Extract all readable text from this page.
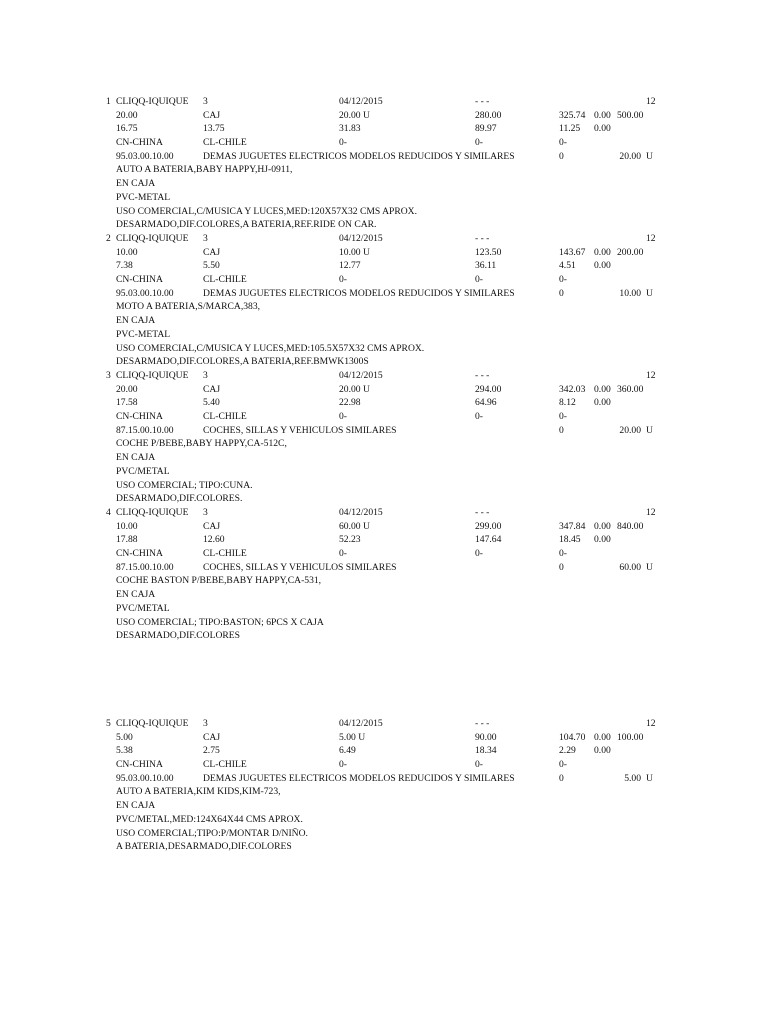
1 CLIQQ-IQUIQUE 3	04/12/2015	- - -	12
20.00	CAJ	20.00 U	280.00	325.74 0.00 500.00
16.75	13.75	31.83	89.97	11.25 0.00
CN-CHINA	CL-CHILE	0-	0-	0-
95.03.00.10.00	DEMAS JUGUETES ELECTRICOS MODELOS REDUCIDOS Y SIMILARES	0	20.00 U
AUTO A BATERIA,BABY HAPPY,HJ-0911,
EN CAJA
PVC-METAL
USO COMERCIAL,C/MUSICA Y LUCES,MED:120X57X32 CMS APROX.
DESARMADO,DIF.COLORES,A BATERIA,REF.RIDE ON CAR.
2 CLIQQ-IQUIQUE 3	04/12/2015	- - -	12
10.00	CAJ	10.00 U	123.50	143.67 0.00 200.00
7.38	5.50	12.77	36.11	4.51 0.00
CN-CHINA	CL-CHILE	0-	0-	0-
95.03.00.10.00	DEMAS JUGUETES ELECTRICOS MODELOS REDUCIDOS Y SIMILARES	0	10.00 U
MOTO A BATERIA,S/MARCA,383,
EN CAJA
PVC-METAL
USO COMERCIAL,C/MUSICA Y LUCES,MED:105.5X57X32 CMS APROX.
DESARMADO,DIF.COLORES,A BATERIA,REF.BMWK1300S
3 CLIQQ-IQUIQUE 3	04/12/2015	- - -	12
20.00	CAJ	20.00 U	294.00	342.03 0.00 360.00
17.58	5.40	22.98	64.96	8.12 0.00
CN-CHINA	CL-CHILE	0-	0-	0-
87.15.00.10.00	COCHES, SILLAS Y VEHICULOS SIMILARES	0	20.00 U
COCHE P/BEBE,BABY HAPPY,CA-512C,
EN CAJA
PVC/METAL
USO COMERCIAL; TIPO:CUNA.
DESARMADO,DIF.COLORES.
4 CLIQQ-IQUIQUE 3	04/12/2015	- - -	12
10.00	CAJ	60.00 U	299.00	347.84 0.00 840.00
17.88	12.60	52.23	147.64	18.45 0.00
CN-CHINA	CL-CHILE	0-	0-	0-
87.15.00.10.00	COCHES, SILLAS Y VEHICULOS SIMILARES	0	60.00 U
COCHE BASTON P/BEBE,BABY HAPPY,CA-531,
EN CAJA
PVC/METAL
USO COMERCIAL; TIPO:BASTON; 6PCS X CAJA
DESARMADO,DIF.COLORES
5 CLIQQ-IQUIQUE 3	04/12/2015	- - -	12
5.00	CAJ	5.00 U	90.00	104.70 0.00 100.00
5.38	2.75	6.49	18.34	2.29 0.00
CN-CHINA	CL-CHILE	0-	0-	0-
95.03.00.10.00	DEMAS JUGUETES ELECTRICOS MODELOS REDUCIDOS Y SIMILARES	0	5.00 U
AUTO A BATERIA,KIM KIDS,KIM-723,
EN CAJA
PVC/METAL,MED:124X64X44 CMS APROX.
USO COMERCIAL;TIPO:P/MONTAR D/NIÑO.
A BATERIA,DESARMADO,DIF.COLORES
